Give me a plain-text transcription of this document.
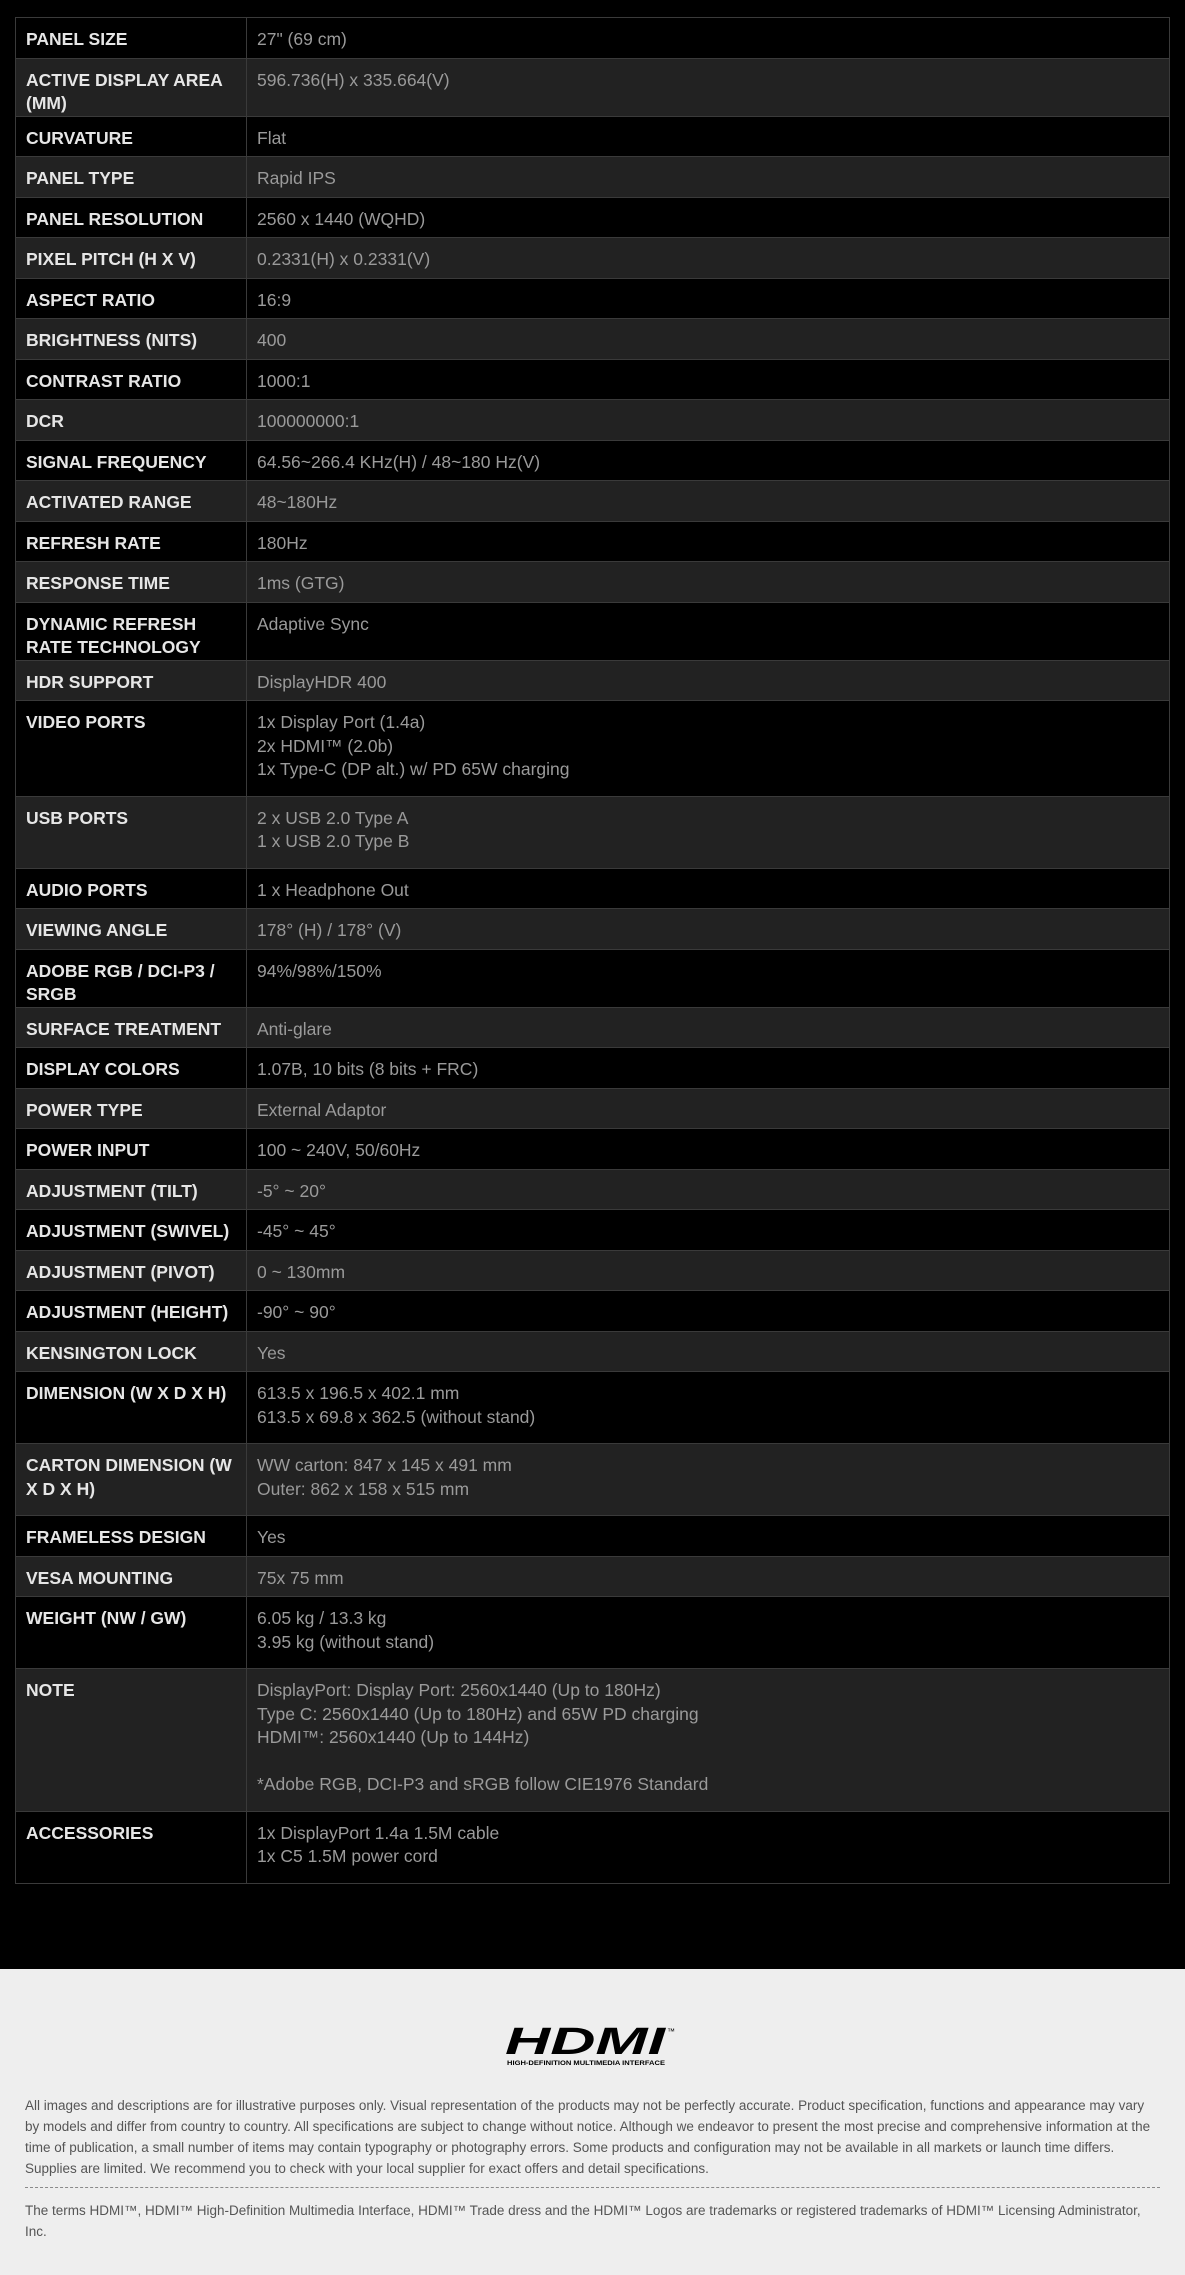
PANEL SIZE	27" (69 cm)

ACTIVE DISPLAY AREA (MM)	596.736(H) x 335.664(V)

CURVATURE	Flat

PANEL TYPE	Rapid IPS

PANEL RESOLUTION	2560 x 1440 (WQHD)

PIXEL PITCH (H X V)	0.2331(H) x 0.2331(V)

ASPECT RATIO	16:9

BRIGHTNESS (NITS)	400

CONTRAST RATIO	1000:1

DCR	100000000:1

SIGNAL FREQUENCY	64.56~266.4 KHz(H) / 48~180 Hz(V)

ACTIVATED RANGE	48~180Hz

REFRESH RATE	180Hz

RESPONSE TIME	1ms (GTG)

DYNAMIC REFRESH RATE TECHNOLOGY	Adaptive Sync

HDR SUPPORT	DisplayHDR 400

VIDEO PORTS	1x Display Port (1.4a)
2x HDMI™ (2.0b)
1x Type-C (DP alt.) w/ PD 65W charging

USB PORTS	2 x USB 2.0 Type A
1 x USB 2.0 Type B

AUDIO PORTS	1 x Headphone Out

VIEWING ANGLE	178° (H) / 178° (V)

ADOBE RGB / DCI-P3 / SRGB	94%/98%/150%

SURFACE TREATMENT	Anti-glare

DISPLAY COLORS	1.07B, 10 bits (8 bits + FRC)

POWER TYPE	External Adaptor

POWER INPUT	100 ~ 240V, 50/60Hz

ADJUSTMENT (TILT)	-5° ~ 20°

ADJUSTMENT (SWIVEL)	-45° ~ 45°

ADJUSTMENT (PIVOT)	0 ~ 130mm

ADJUSTMENT (HEIGHT)	-90° ~ 90°

KENSINGTON LOCK	Yes

DIMENSION (W X D X H)	613.5 x 196.5 x 402.1 mm
613.5 x 69.8 x 362.5 (without stand)

CARTON DIMENSION (W X D X H)	WW carton: 847 x 145 x 491 mm
Outer: 862 x 158 x 515 mm

FRAMELESS DESIGN	Yes

VESA MOUNTING	75x 75 mm

WEIGHT (NW / GW)	6.05 kg / 13.3 kg
3.95 kg (without stand)

NOTE	DisplayPort: Display Port: 2560x1440 (Up to 180Hz)
Type C: 2560x1440 (Up to 180Hz) and 65W PD charging
HDMI™: 2560x1440 (Up to 144Hz)
*Adobe RGB, DCI-P3 and sRGB follow CIE1976 Standard

ACCESSORIES	1x DisplayPort 1.4a 1.5M cable
1x C5 1.5M power cord
HDMI ™
HIGH-DEFINITION MULTIMEDIA INTERFACE

All images and descriptions are for illustrative purposes only. Visual representation of the products may not be perfectly accurate. Product specification, functions and appearance may vary by models and differ from country to country. All specifications are subject to change without notice. Although we endeavor to present the most precise and comprehensive information at the time of publication, a small number of items may contain typography or photography errors. Some products and configuration may not be available in all markets or launch time differs. Supplies are limited. We recommend you to check with your local supplier for exact offers and detail specifications.

The terms HDMI™, HDMI™ High-Definition Multimedia Interface, HDMI™ Trade dress and the HDMI™ Logos are trademarks or registered trademarks of HDMI™ Licensing Administrator, Inc.
